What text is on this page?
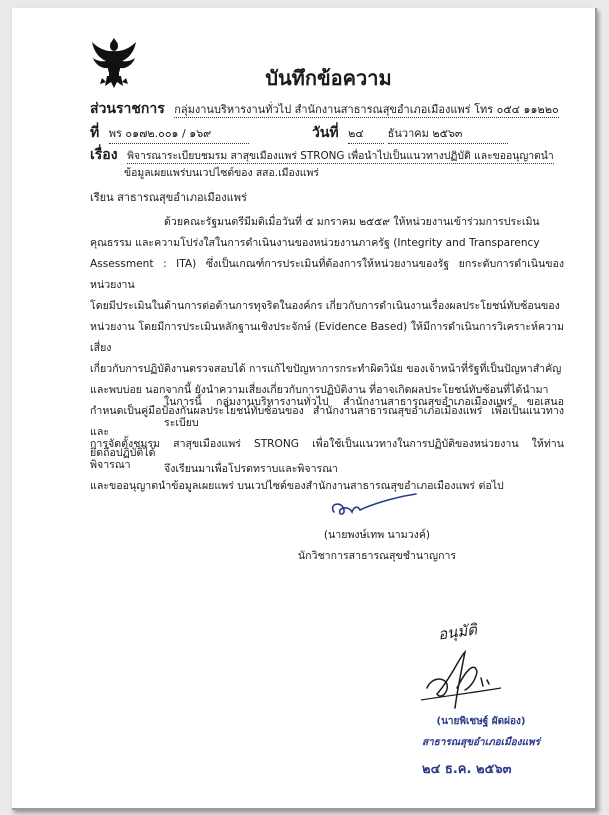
บันทึกข้อความ
ส่วนราชการ กลุ่มงานบริหารงานทั่วไป สำนักงานสาธารณสุขอำเภอเมืองแพร่ โทร ๐๕๔ ๑๑๒๒๐
ที่ พร ๐๑๗๒.๐๐๑ / ๑๖๙	วันที่ ๒๔ ธันวาคม ๒๕๖๓
เรื่อง พิจารณาระเบียบชมรม สาสุขเมืองแพร่ STRONG เพื่อนำไปเป็นแนวทางปฏิบัติ และขออนุญาตนำ
ข้อมูลเผยแพร่บนเวปไซต์ของ สสอ.เมืองแพร่
เรียน สาธารณสุขอำเภอเมืองแพร่
ด้วยคณะรัฐมนตรีมีมติเมื่อวันที่ ๕ มกราคม ๒๕๕๙ ให้หน่วยงานเข้าร่วมการประเมิน
คุณธรรม และความโปร่งใสในการดำเนินงานของหน่วยงานภาครัฐ (Integrity and Transparency
Assessment : ITA) ซึ่งเป็นเกณฑ์การประเมินที่ต้องการให้หน่วยงานของรัฐ ยกระดับการดำเนินของหน่วยงาน
โดยมีประเมินในด้านการต่อต้านการทุจริตในองค์กร เกี่ยวกับการดำเนินงานเรื่องผลประโยชน์ทับซ้อนของ
หน่วยงาน โดยมีการประเมินหลักฐานเชิงประจักษ์ (Evidence Based) ให้มีการดำเนินการวิเคราะห์ความเสี่ยง
เกี่ยวกับการปฏิบัติงานตรวจสอบได้ การแก้ไขปัญหาการกระทำผิดวินัย ของเจ้าหน้าที่รัฐที่เป็นปัญหาสำคัญ
และพบบ่อย นอกจากนี้ ยังนำความเสี่ยงเกี่ยวกับการปฏิบัติงาน ที่อาจเกิดผลประโยชน์ทับซ้อนที่ได้นำมา
กำหนดเป็นคู่มือป้องกันผลประโยชน์ทับซ้อนของ สำนักงานสาธารณสุขอำเภอเมืองแพร่ เพื่อเป็นแนวทางและ
ยึดถือปฏิบัติได้
ในการนี้ กลุ่มงานบริหารงานทั่วไป สำนักงานสาธารณสุขอำเภอเมืองแพร่ ขอเสนอระเบียบ
การจัดตั้งชมรม สาสุขเมืองแพร่ STRONG เพื่อใช้เป็นแนวทางในการปฏิบัติของหน่วยงาน ให้ท่านพิจารณา
และขออนุญาตนำข้อมูลเผยแพร่ บนเวปไซต์ของสำนักงานสาธารณสุขอำเภอเมืองแพร่ ต่อไป
จึงเรียนมาเพื่อโปรดทราบและพิจารณา
(นายพงษ์เทพ นามวงค์)
นักวิชาการสาธารณสุขชำนาญการ
อนุมัติ
(นายพิเชษฐ์ ผัดผ่อง)
สาธารณสุขอำเภอเมืองแพร่
๒๔ ธ.ค. ๒๕๖๓
